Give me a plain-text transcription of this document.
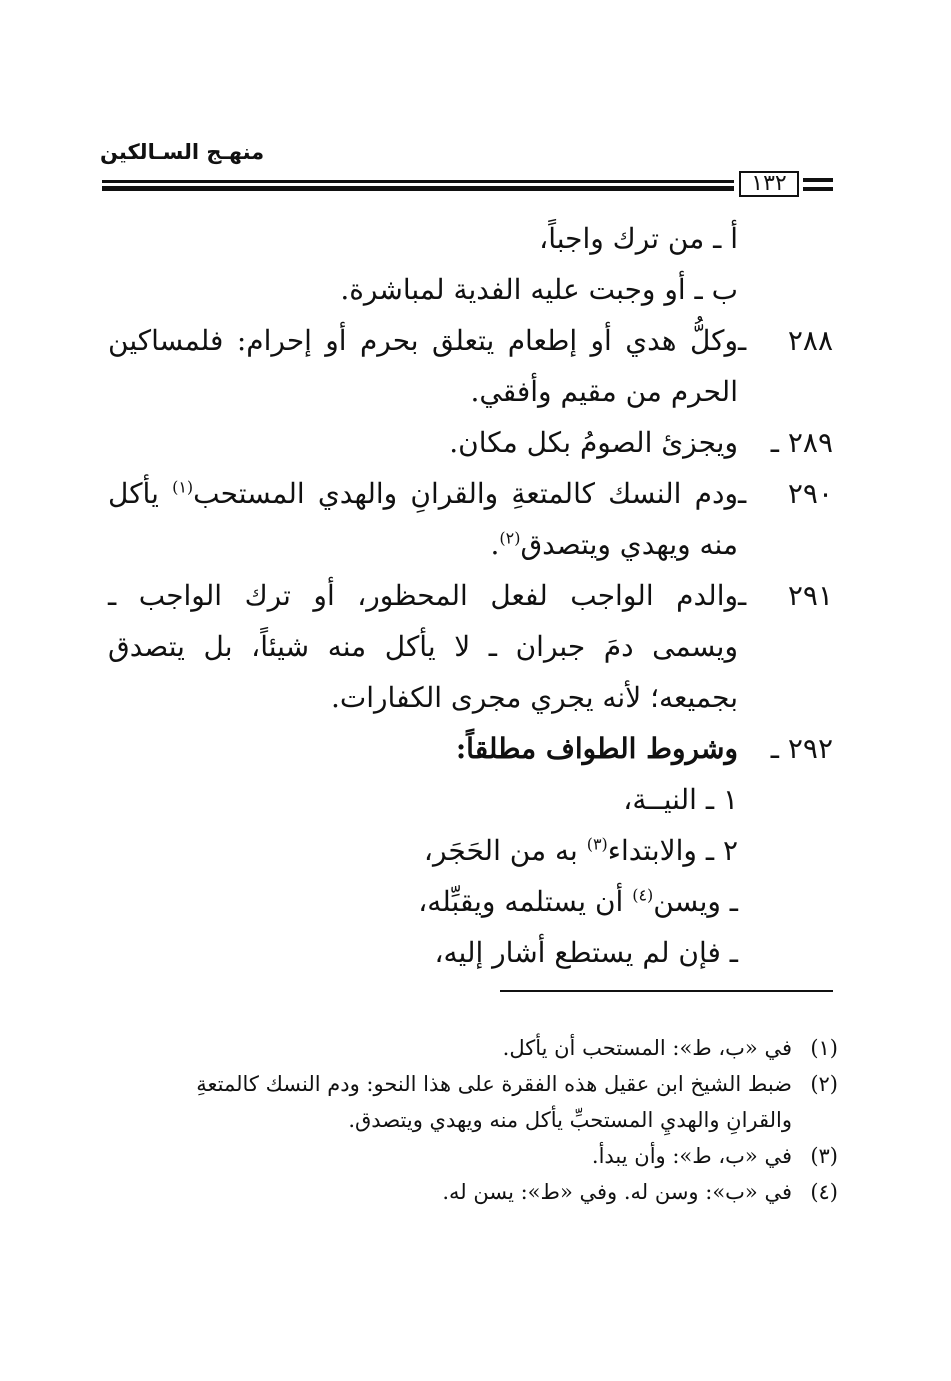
منهـج السـالكين
١٣٢
أ ـ من ترك واجباً،
ب ـ أو وجبت عليه الفدية لمباشرة.
٢٨٨ ـوكلُّ هدي أو إطعام يتعلق بحرم أو إحرام: فلمساكين
الحرم من مقيم وأفقي.
٢٨٩ ـويجزئ الصومُ بكل مكان.
٢٩٠ ـودم النسك كالمتعةِ والقرانِ والهدي المستحب$^{(١)}$ يأكل
منه ويهدي ويتصدق$^{(٢)}$.
٢٩١ ـوالدم الواجب لفعل المحظور، أو ترك الواجب ـ
ويسمى دمَ جبران ـ لا يأكل منه شيئاً، بل يتصدق
بجميعه؛ لأنه يجري مجرى الكفارات.
٢٩٢ ـوشروط الطواف مطلقاً:
١ ـ النيــة،
٢ ـ والابتداء$^{(٣)}$ به من الحَجَر،
ـ ويسن$^{(٤)}$ أن يستلمه ويقبِّله،
ـ فإن لم يستطع أشار إليه،
(١)في «ب، ط»: المستحب أن يأكل.
(٢)ضبط الشيخ ابن عقيل هذه الفقرة على هذا النحو: ودم النسك كالمتعةِ
والقرانِ والهديِ المستحبِّ يأكل منه ويهدي ويتصدق.
(٣)في «ب، ط»: وأن يبدأ.
(٤)في «ب»: وسن له. وفي «ط»: يسن له.
